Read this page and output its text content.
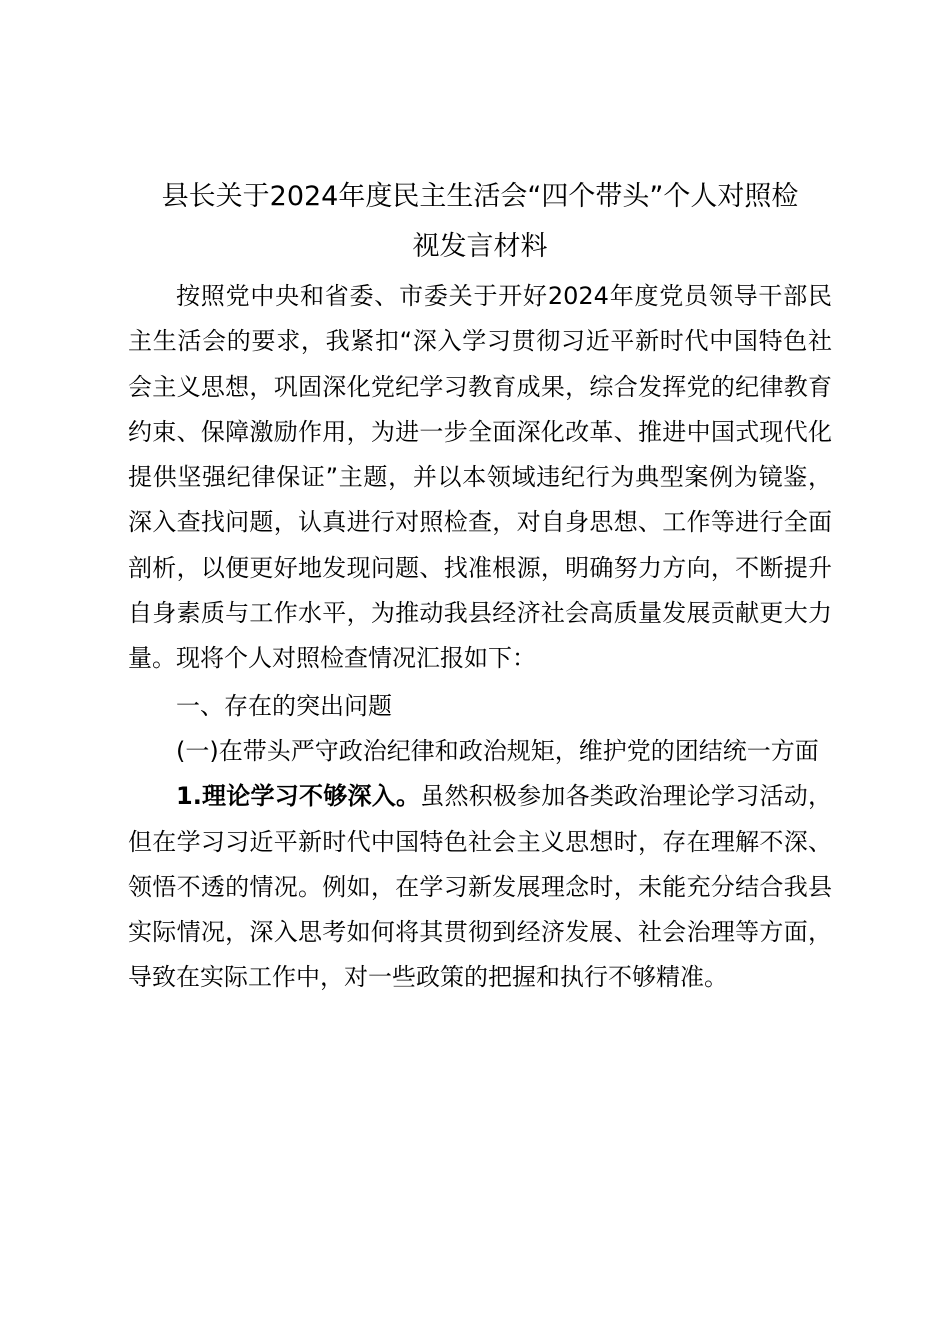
县长关于2024年度民主生活会“四个带头”个人对照检
视发言材料

按照党中央和省委、市委关于开好2024年度党员领导干部民主生活会的要求，我紧扣“深入学习贯彻习近平新时代中国特色社会主义思想，巩固深化党纪学习教育成果，综合发挥党的纪律教育约束、保障激励作用，为进一步全面深化改革、推进中国式现代化提供坚强纪律保证”主题，并以本领域违纪行为典型案例为镜鉴，深入查找问题，认真进行对照检查，对自身思想、工作等进行全面剖析，以便更好地发现问题、找准根源，明确努力方向，不断提升自身素质与工作水平，为推动我县经济社会高质量发展贡献更大力量。现将个人对照检查情况汇报如下：

一、存在的突出问题

(一)在带头严守政治纪律和政治规矩，维护党的团结统一方面

1.理论学习不够深入。虽然积极参加各类政治理论学习活动，但在学习习近平新时代中国特色社会主义思想时，存在理解不深、领悟不透的情况。例如，在学习新发展理念时，未能充分结合我县实际情况，深入思考如何将其贯彻到经济发展、社会治理等方面，导致在实际工作中，对一些政策的把握和执行不够精准。
